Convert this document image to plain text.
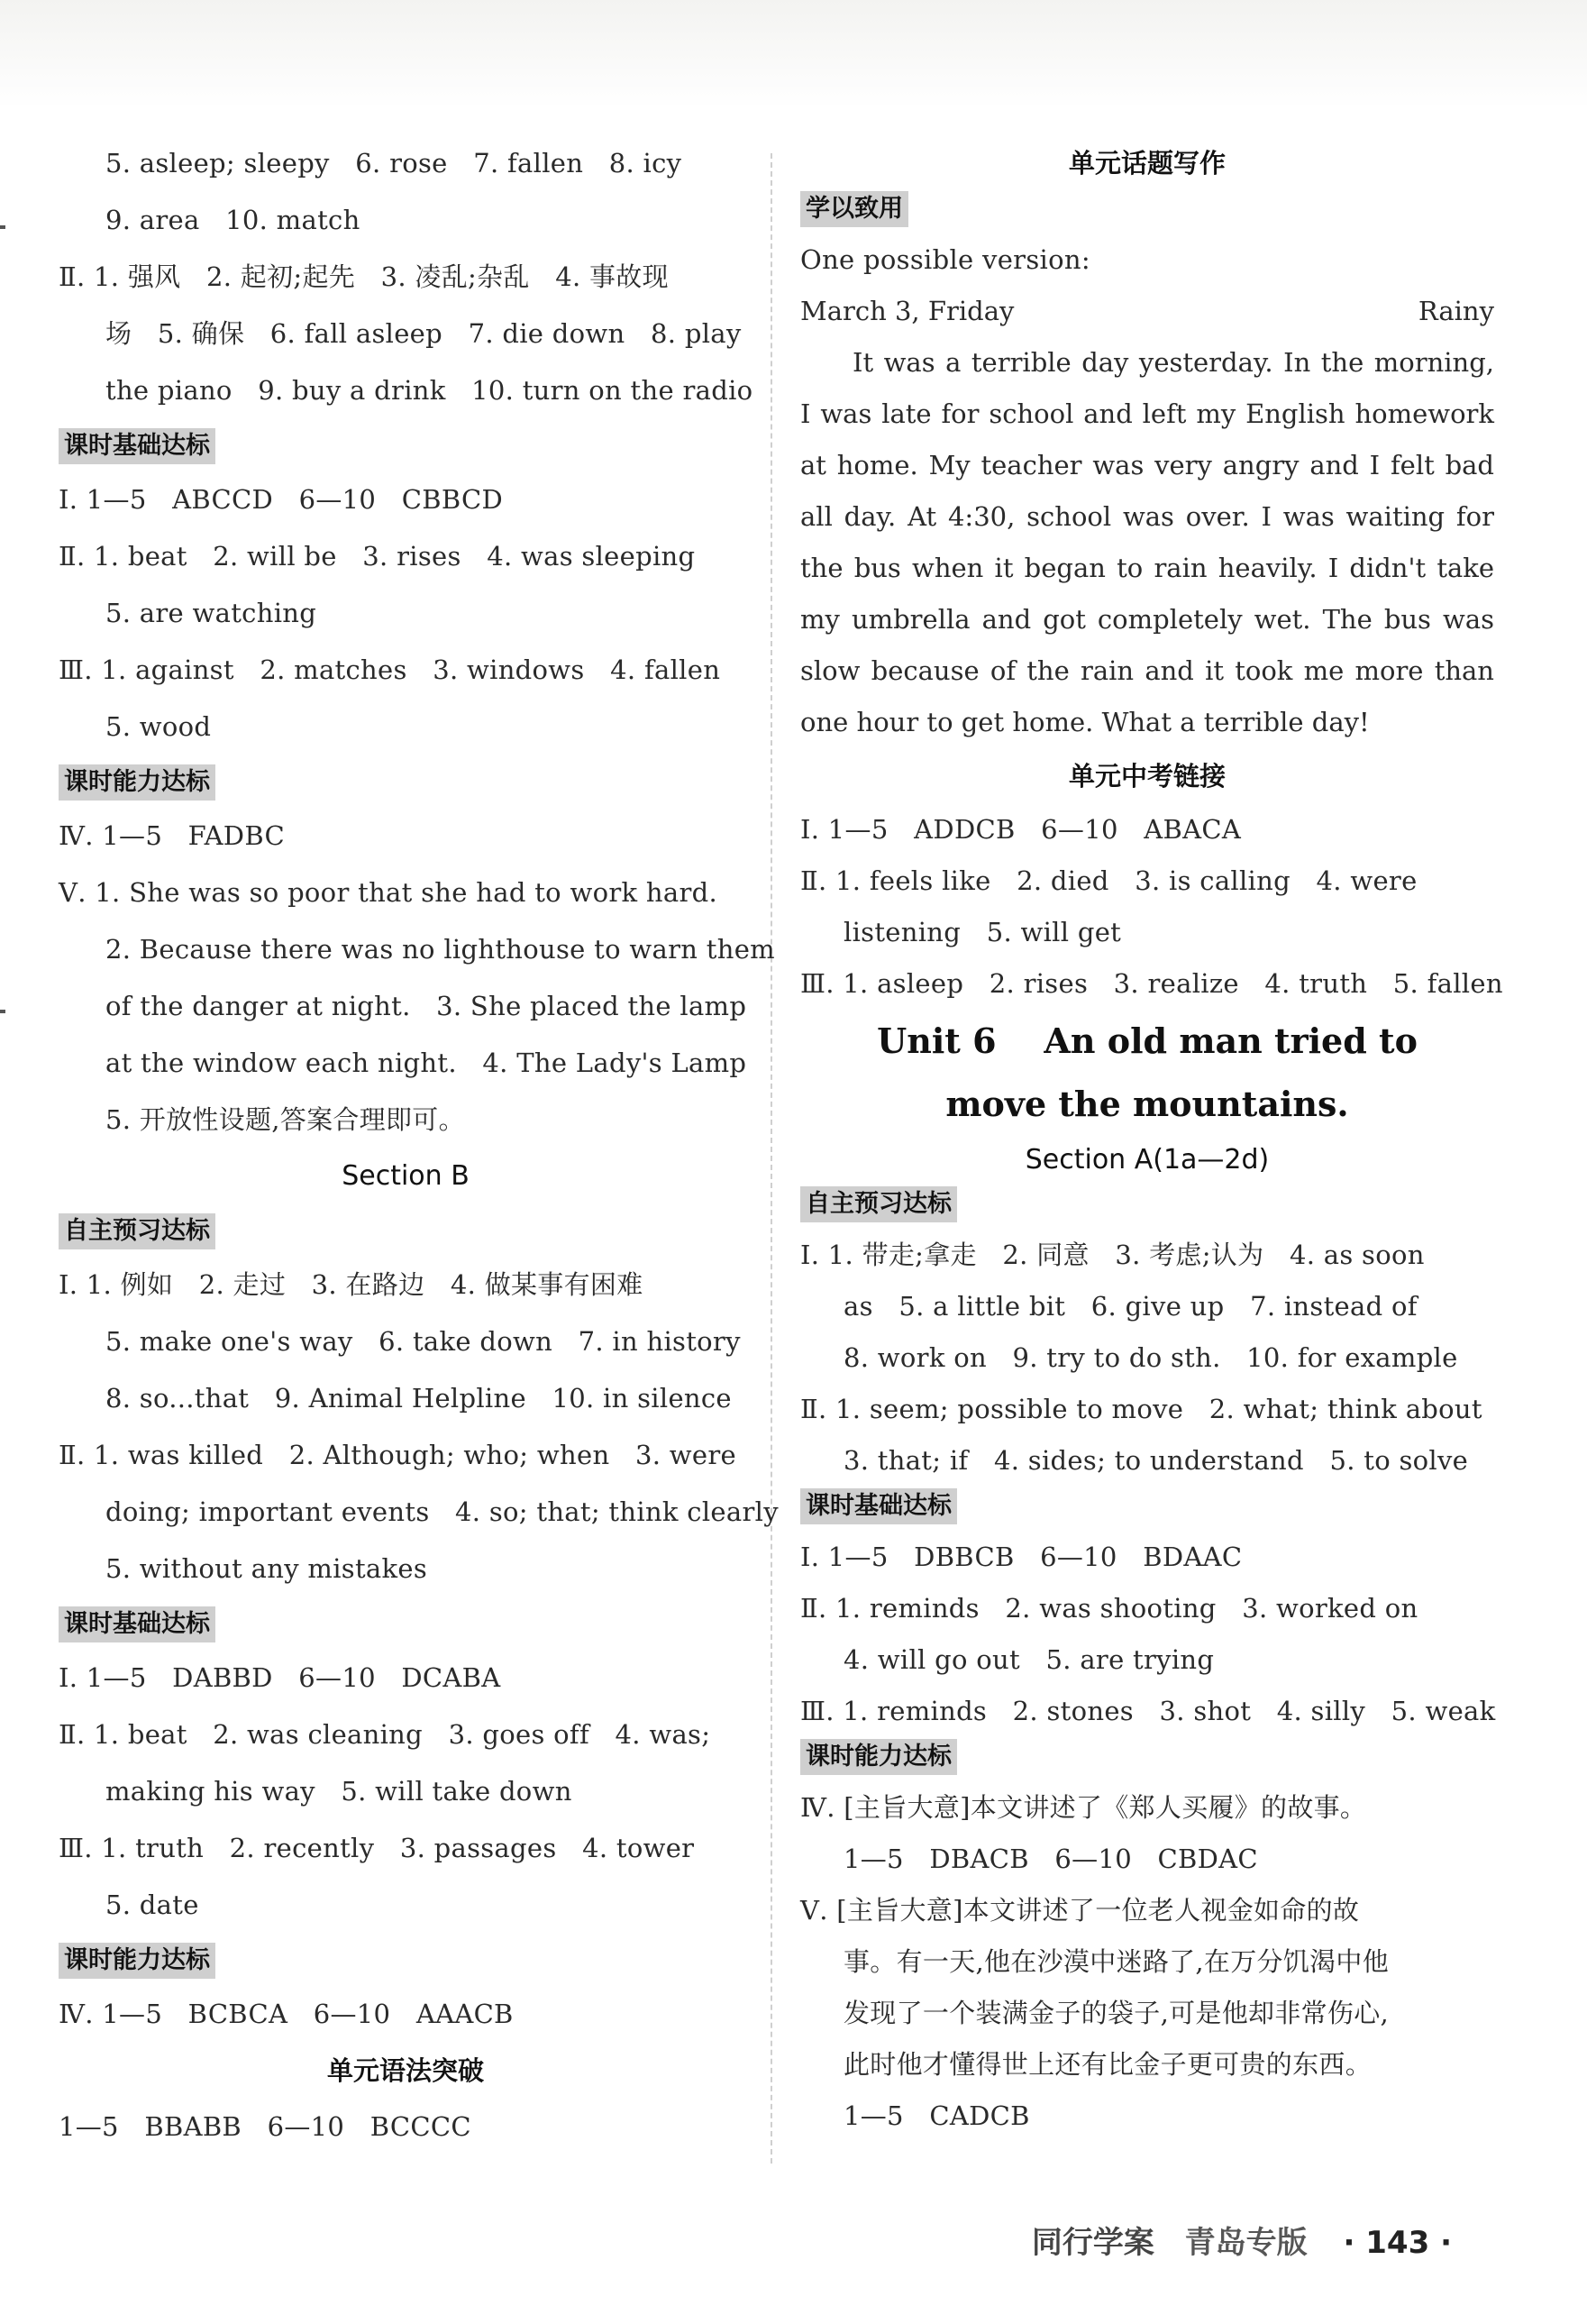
5. asleep; sleepy   6. rose   7. fallen   8. icy
9. area   10. match
Ⅱ. 1. 强风   2. 起初;起先   3. 凌乱;杂乱   4. 事故现
场   5. 确保   6. fall asleep   7. die down   8. play
the piano   9. buy a drink   10. turn on the radio
课时基础达标
Ⅰ. 1—5   ABCCD   6—10   CBBCD
Ⅱ. 1. beat   2. will be   3. rises   4. was sleeping
5. are watching
Ⅲ. 1. against   2. matches   3. windows   4. fallen
5. wood
课时能力达标
Ⅳ. 1—5   FADBC
Ⅴ. 1. She was so poor that she had to work hard.
2. Because there was no lighthouse to warn them
of the danger at night.   3. She placed the lamp
at the window each night.   4. The Lady's Lamp
5. 开放性设题,答案合理即可。
Section B
自主预习达标
Ⅰ. 1. 例如   2. 走过   3. 在路边   4. 做某事有困难
5. make one's way   6. take down   7. in history
8. so...that   9. Animal Helpline   10. in silence
Ⅱ. 1. was killed   2. Although; who; when   3. were
doing; important events   4. so; that; think clearly
5. without any mistakes
课时基础达标
Ⅰ. 1—5   DABBD   6—10   DCABA
Ⅱ. 1. beat   2. was cleaning   3. goes off   4. was;
making his way   5. will take down
Ⅲ. 1. truth   2. recently   3. passages   4. tower
5. date
课时能力达标
Ⅳ. 1—5   BCBCA   6—10   AAACB
单元语法突破
1—5   BBABB   6—10   BCCCC
单元话题写作
学以致用
One possible version:
March 3, Friday	Rainy

It was a terrible day yesterday. In the morning, I was late for school and left my English homework at home. My teacher was very angry and I felt bad all day. At 4:30, school was over. I was waiting for the bus when it began to rain heavily. I didn't take my umbrella and got completely wet. The bus was slow because of the rain and it took me more than one hour to get home. What a terrible day!

单元中考链接
Ⅰ. 1—5   ADDCB   6—10   ABACA
Ⅱ. 1. feels like   2. died   3. is calling   4. were
listening   5. will get
Ⅲ. 1. asleep   2. rises   3. realize   4. truth   5. fallen
Unit 6    An old man tried to
move the mountains.
Section A(1a—2d)
自主预习达标
Ⅰ. 1. 带走;拿走   2. 同意   3. 考虑;认为   4. as soon
as   5. a little bit   6. give up   7. instead of
8. work on   9. try to do sth.   10. for example
Ⅱ. 1. seem; possible to move   2. what; think about
3. that; if   4. sides; to understand   5. to solve
课时基础达标
Ⅰ. 1—5   DBBCB   6—10   BDAAC
Ⅱ. 1. reminds   2. was shooting   3. worked on
4. will go out   5. are trying
Ⅲ. 1. reminds   2. stones   3. shot   4. silly   5. weak
课时能力达标
Ⅳ. [主旨大意]本文讲述了《郑人买履》的故事。
1—5   DBACB   6—10   CBDAC
Ⅴ. [主旨大意]本文讲述了一位老人视金如命的故
事。有一天,他在沙漠中迷路了,在万分饥渴中他
发现了一个装满金子的袋子,可是他却非常伤心,
此时他才懂得世上还有比金子更可贵的东西。
1—5   CADCB
同行学案 青岛专版 · 143 ·
